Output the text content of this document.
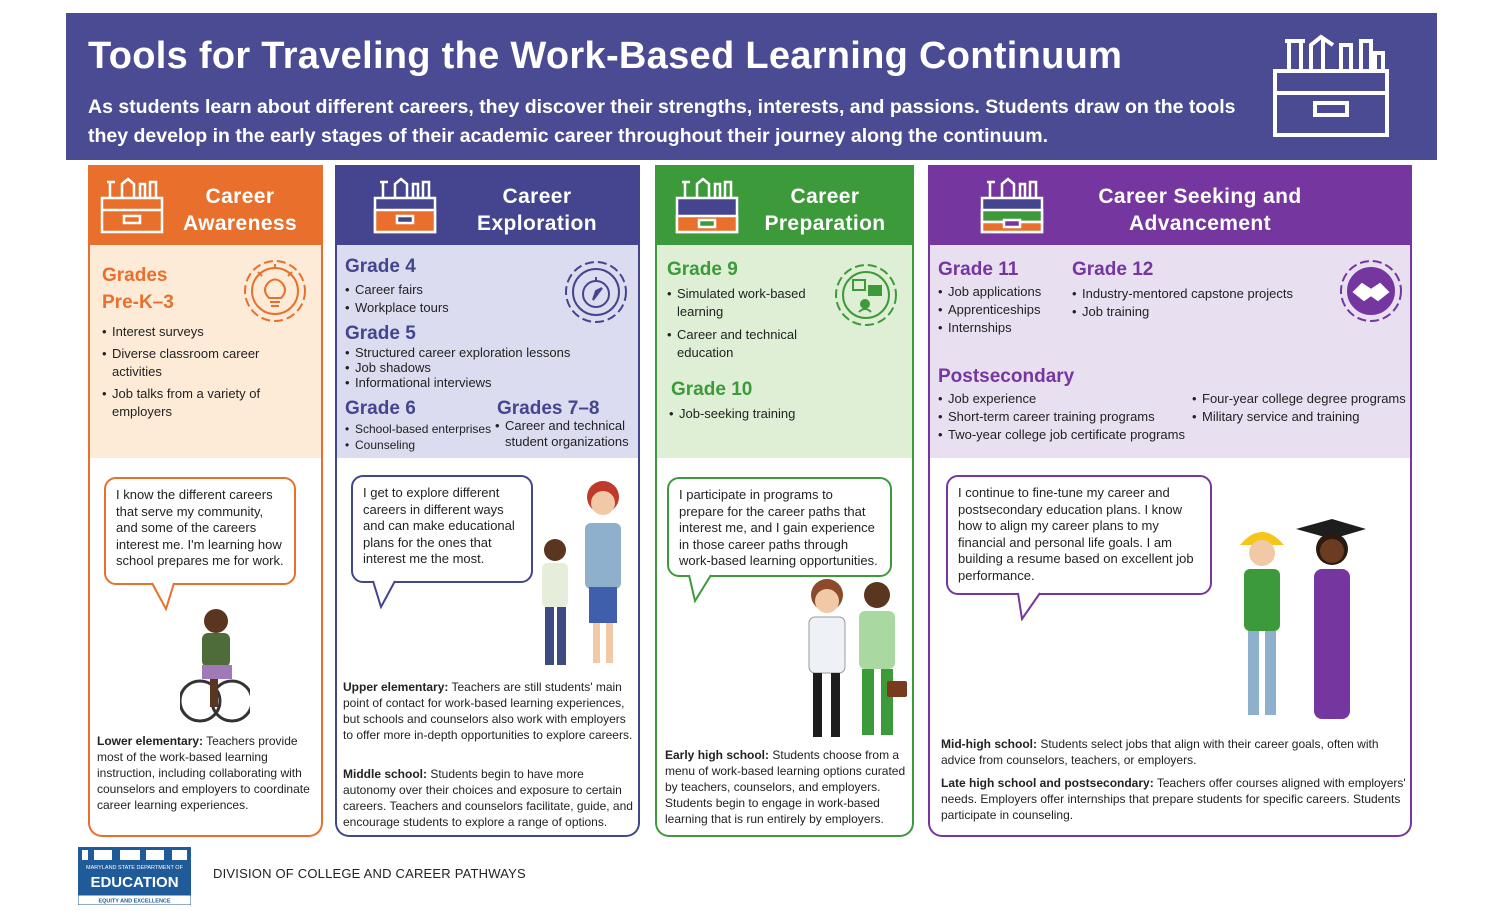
Tools for Traveling the Work-Based Learning Continuum

As students learn about different careers, they discover their strengths, interests, and passions. Students draw on the tools they develop in the early stages of their academic career throughout their journey along the continuum.

Career
Awareness
Grades
Pre-K–3
• Interest surveys
• Diverse classroom career activities
• Job talks from a variety of employers
I know the different careers that serve my community, and some of the careers interest me. I'm learning how school prepares me for work.
Lower elementary: Teachers provide most of the work-based learning instruction, including collaborating with counselors and employers to coordinate career learning experiences.
Career
Exploration
Grade 4
• Career fairs
• Workplace tours
Grade 5
• Structured career exploration lessons
• Job shadows
• Informational interviews
Grade 6
• School-based enterprises
• Counseling
Grades 7–8
• Career and technical student organizations
I get to explore different careers in different ways and can make educational plans for the ones that interest me the most.
Upper elementary: Teachers are still students' main point of contact for work-based learning experiences, but schools and counselors also work with employers to offer more in-depth opportunities to explore careers.
Middle school: Students begin to have more autonomy over their choices and exposure to certain careers. Teachers and counselors facilitate, guide, and encourage students to explore a range of options.
Career
Preparation
Grade 9
• Simulated work-based learning
• Career and technical education
Grade 10
• Job-seeking training
I participate in programs to prepare for the career paths that interest me, and I gain experience in those career paths through work-based learning opportunities.
Early high school: Students choose from a menu of work-based learning options curated by teachers, counselors, and employers. Students begin to engage in work-based learning that is run entirely by employers.
Career Seeking and
Advancement
Grade 11
• Job applications
• Apprenticeships
• Internships
Grade 12
• Industry-mentored capstone projects
• Job training
Postsecondary
• Job experience
• Short-term career training programs
• Two-year college job certificate programs
• Four-year college degree programs
• Military service and training
I continue to fine-tune my career and postsecondary education plans. I know how to align my career plans to my financial and personal life goals. I am building a resume based on excellent job performance.
Mid-high school: Students select jobs that align with their career goals, often with advice from counselors, teachers, or employers.
Late high school and postsecondary: Teachers offer courses aligned with employers' needs. Employers offer internships that prepare students for specific careers. Students participate in counseling.
MARYLAND STATE DEPARTMENT OF
EDUCATION
EQUITY AND EXCELLENCE
DIVISION OF COLLEGE AND CAREER PATHWAYS
